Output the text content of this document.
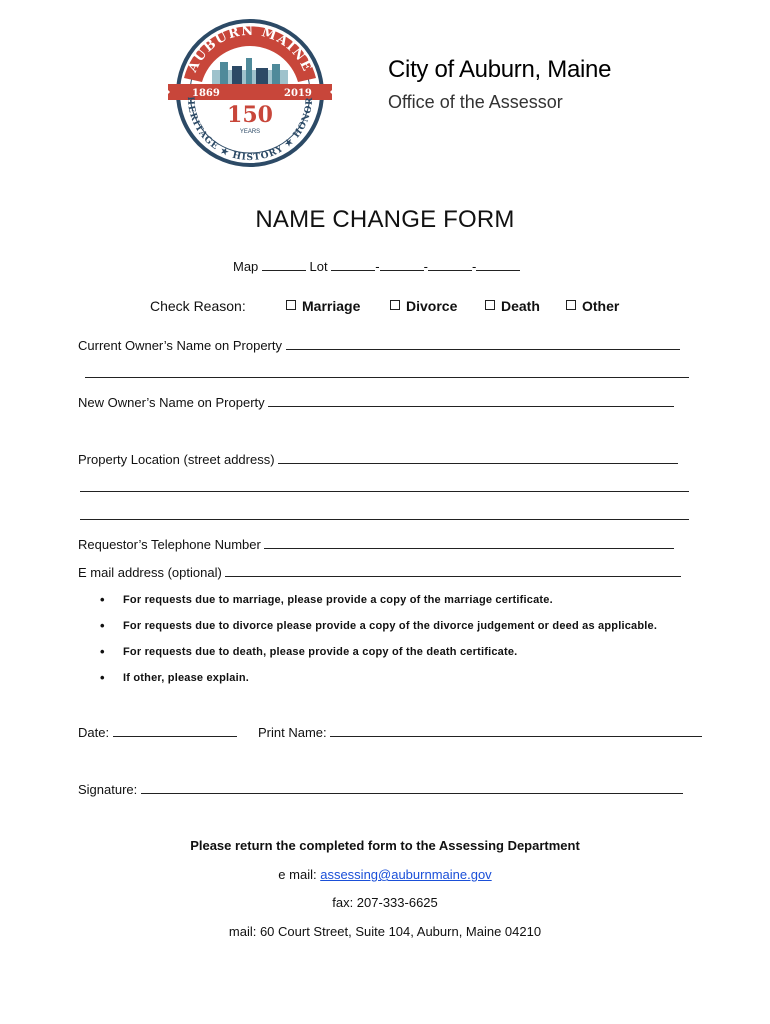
AUBURN MAINE
1869	2019
150
YEARS
HERITAGE ★ HISTORY ★ HONOR
City of Auburn, Maine
Office of the Assessor
NAME CHANGE FORM
Map	Lot	-	-	-
Check Reason:	Marriage	Divorce	Death	Other
Current Owner’s Name on Property
New Owner’s Name on Property
Property Location (street address)
Requestor’s Telephone Number
E mail address (optional)
• For requests due to marriage, please provide a copy of the marriage certificate.
• For requests due to divorce please provide a copy of the divorce judgement or deed as applicable.
• For requests due to death, please provide a copy of the death certificate.
• If other, please explain.
Date:	Print Name:
Signature:
Please return the completed form to the Assessing Department
e mail: assessing@auburnmaine.gov
fax: 207-333-6625
mail: 60 Court Street, Suite 104, Auburn, Maine 04210
